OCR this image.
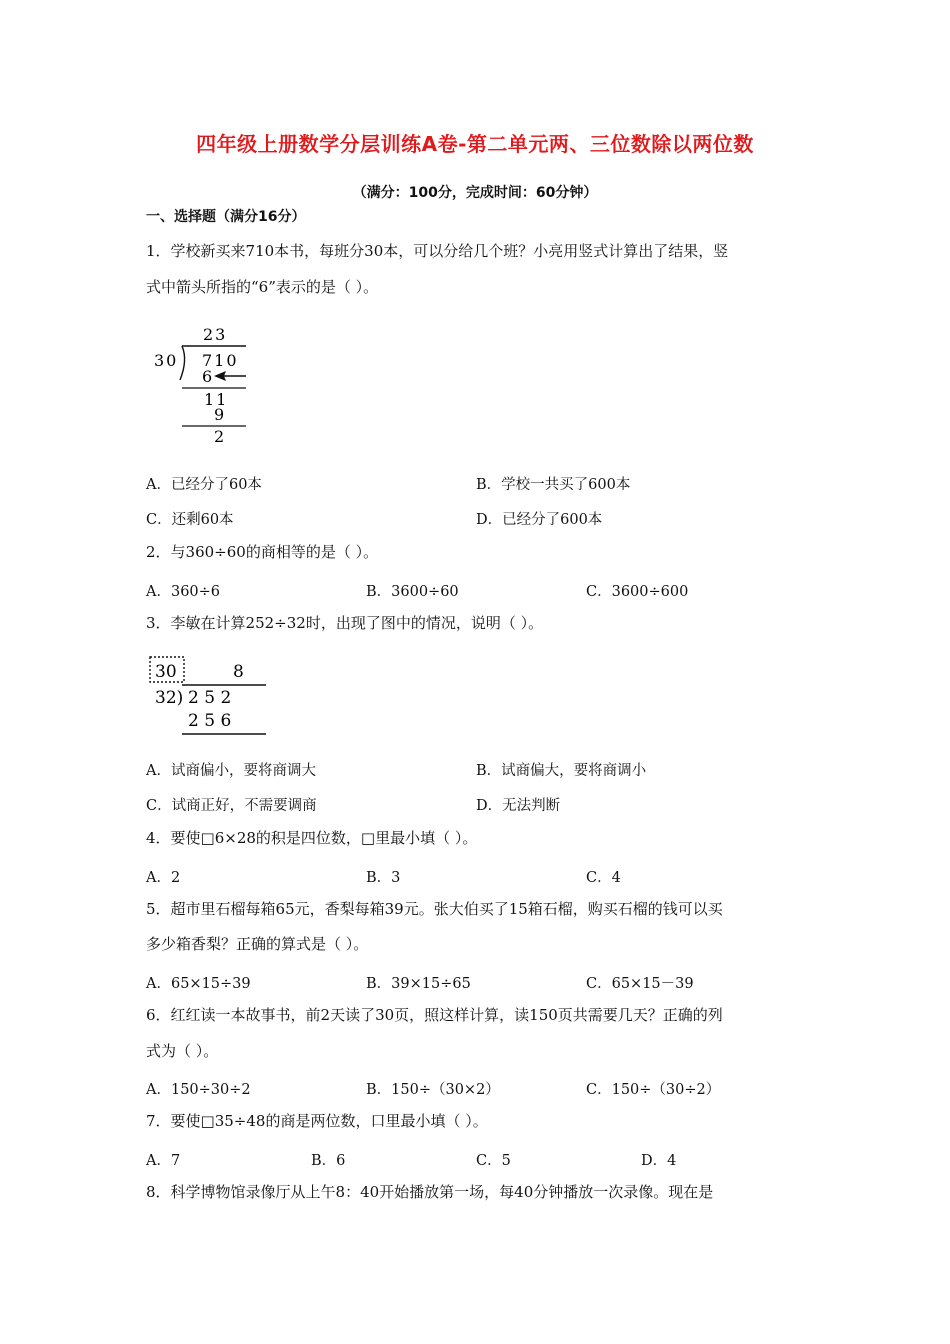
四年级上册数学分层训练A卷-第二单元两、三位数除以两位数
（满分：100分，完成时间：60分钟）
一、选择题（满分16分）
1．学校新买来710本书，每班分30本，可以分给几个班？小亮用竖式计算出了结果，竖
式中箭头所指的“6”表示的是（ ）。
23
30 710
6
11
9
2
A．已经分了60本	B．学校一共买了600本
C．还剩60本	D．已经分了600本
2．与360÷60的商相等的是（ ）。
A．360÷6	B．3600÷60	C．3600÷600
3．李敏在计算252÷32时，出现了图中的情况，说明（ ）。
30	8
32) 2 5 2
2 5 6
A．试商偏小，要将商调大	B．试商偏大，要将商调小
C．试商正好，不需要调商	D．无法判断
4．要使□6×28的积是四位数，□里最小填（ ）。
A．2	B．3	C．4
5．超市里石榴每箱65元，香梨每箱39元。张大伯买了15箱石榴，购买石榴的钱可以买
多少箱香梨？正确的算式是（ ）。
A．65×15÷39	B．39×15÷65	C．65×15－39
6．红红读一本故事书，前2天读了30页，照这样计算，读150页共需要几天？正确的列
式为（ ）。
A．150÷30÷2	B．150÷（30×2）	C．150÷（30÷2）
7．要使□35÷48的商是两位数，口里最小填（ ）。
A．7	B．6	C．5	D．4
8．科学博物馆录像厅从上午8：40开始播放第一场，每40分钟播放一次录像。现在是
